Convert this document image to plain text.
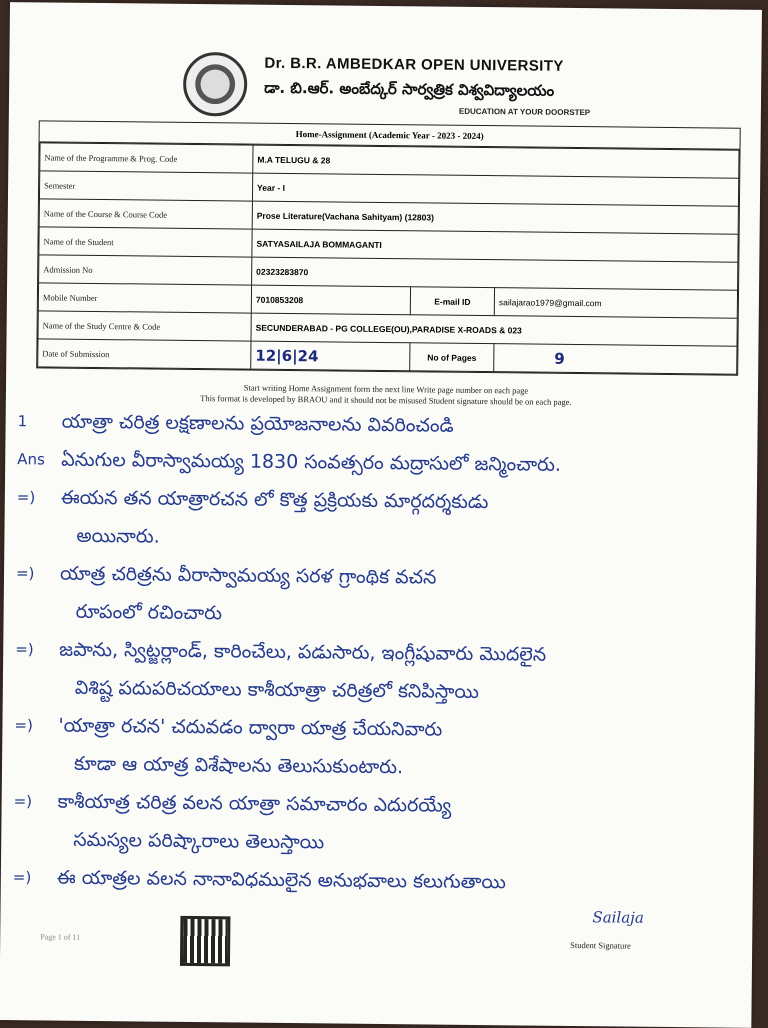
Dr. B.R. AMBEDKAR OPEN UNIVERSITY
డా. బి.ఆర్. అంబేద్కర్ సార్వత్రిక విశ్వవిద్యాలయం
EDUCATION AT YOUR DOORSTEP
Home-Assignment (Academic Year - 2023 - 2024)
Name of the Programme & Prog. Code	M.A TELUGU & 28		
Semester	Year - I		
Name of the Course & Course Code	Prose Literature(Vachana Sahityam) (12803)		
Name of the Student	SATYASAILAJA BOMMAGANTI		
Admission No	02323283870		
Mobile Number	7010853208	E-mail ID	sailajarao1979@gmail.com
Name of the Study Centre & Code	SECUNDERABAD - PG COLLEGE(OU),PARADISE X-ROADS & 023		
Date of Submission	12|6|24	No of Pages	9
Start writing Home Assignment form the next line Write page number on each page
This format is developed by BRAOU and it should not be misused Student signature should be on each page.
1 యాత్రా చరిత్ర లక్షణాలను ప్రయోజనాలను వివరించండి
Ans ఏనుగుల వీరాస్వామయ్య 1830 సంవత్సరం మద్రాసులో జన్మించారు.
=) ఈయన తన యాత్రారచన లో కొత్త ప్రక్రియకు మార్గదర్శకుడు
అయినారు.
=) యాత్ర చరిత్రను వీరాస్వామయ్య సరళ గ్రాంథిక వచన
రూపంలో రచించారు
=) జపాను, స్విట్జర్లాండ్, కారించేలు, పడుసారు, ఇంగ్లీషువారు మొదలైన
విశిష్ట పదుపరిచయాలు కాశీయాత్రా చరిత్రలో కనిపిస్తాయి
=) 'యాత్రా రచన' చదువడం ద్వారా యాత్ర చేయనివారు
కూడా ఆ యాత్ర విశేషాలను తెలుసుకుంటారు.
=) కాశీయాత్ర చరిత్ర వలన యాత్రా సమాచారం ఎదురయ్యే
సమస్యల పరిష్కారాలు తెలుస్తాయి
=) ఈ యాత్రల వలన నానావిధములైన అనుభవాలు కలుగుతాయి
Page 1 of 11
Sailaja
Student Signature
